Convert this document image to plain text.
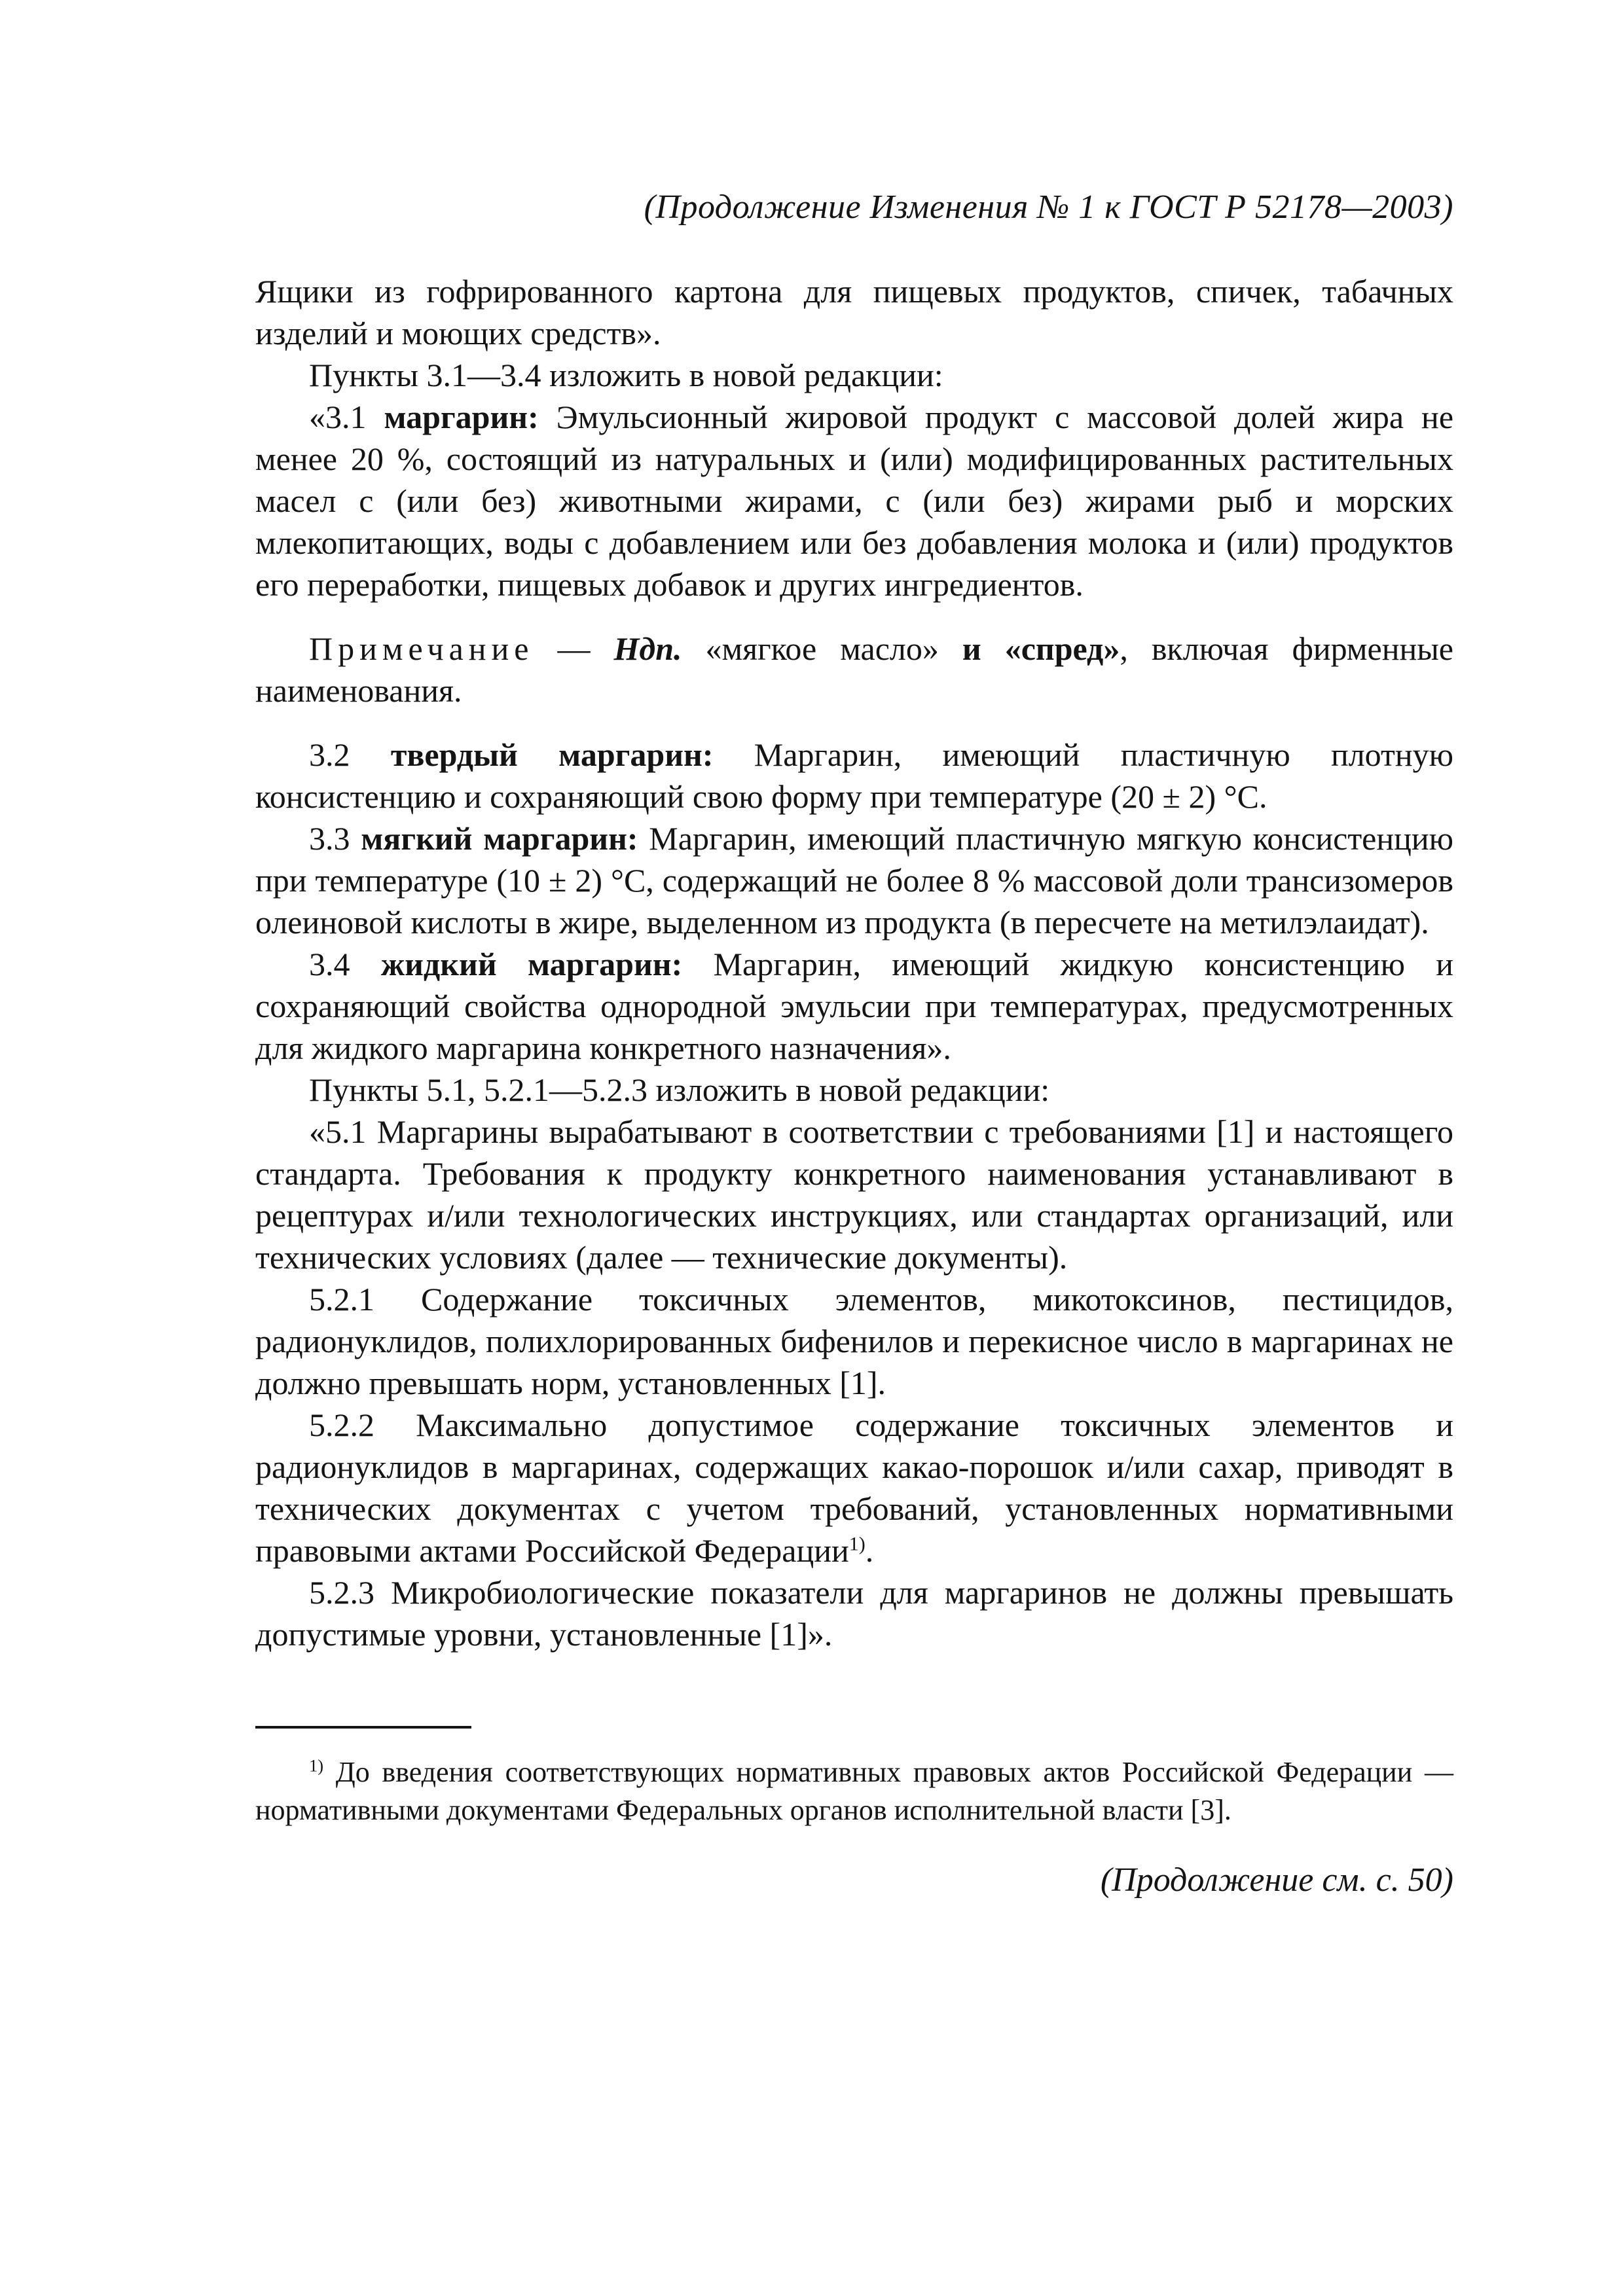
(Продолжение Изменения № 1 к ГОСТ Р 52178—2003)

Ящики из гофрированного картона для пищевых продуктов, спичек, табачных изделий и моющих средств».

Пункты 3.1—3.4 изложить в новой редакции:

«3.1 маргарин: Эмульсионный жировой продукт с массовой долей жира не менее 20 %, состоящий из натуральных и (или) модифицированных растительных масел с (или без) животными жирами, с (или без) жирами рыб и морских млекопитающих, воды с добавлением или без добавления молока и (или) продуктов его переработки, пищевых добавок и других ингредиентов.

Примечание — Ндп. «мягкое масло» и «спред», включая фирменные наименования.

3.2 твердый маргарин: Маргарин, имеющий пластичную плотную консистенцию и сохраняющий свою форму при температуре (20 ± 2) °С.

3.3 мягкий маргарин: Маргарин, имеющий пластичную мягкую консистенцию при температуре (10 ± 2) °С, содержащий не более 8 % массовой доли трансизомеров олеиновой кислоты в жире, выделенном из продукта (в пересчете на метилэлаидат).

3.4 жидкий маргарин: Маргарин, имеющий жидкую консистенцию и сохраняющий свойства однородной эмульсии при температурах, предусмотренных для жидкого маргарина конкретного назначения».

Пункты 5.1, 5.2.1—5.2.3 изложить в новой редакции:

«5.1 Маргарины вырабатывают в соответствии с требованиями [1] и настоящего стандарта. Требования к продукту конкретного наименования устанавливают в рецептурах и/или технологических инструкциях, или стандартах организаций, или технических условиях (далее — технические документы).

5.2.1 Содержание токсичных элементов, микотоксинов, пестицидов, радионуклидов, полихлорированных бифенилов и перекисное число в маргаринах не должно превышать норм, установленных [1].

5.2.2 Максимально допустимое содержание токсичных элементов и радионуклидов в маргаринах, содержащих какао-порошок и/или сахар, приводят в технических документах с учетом требований, установленных нормативными правовыми актами Российской Федерации$^{1)}$.

5.2.3 Микробиологические показатели для маргаринов не должны превышать допустимые уровни, установленные [1]».

$^{1)}$ До введения соответствующих нормативных правовых актов Российской Федерации — нормативными документами Федеральных органов исполнительной власти [3].

(Продолжение см. с. 50)
